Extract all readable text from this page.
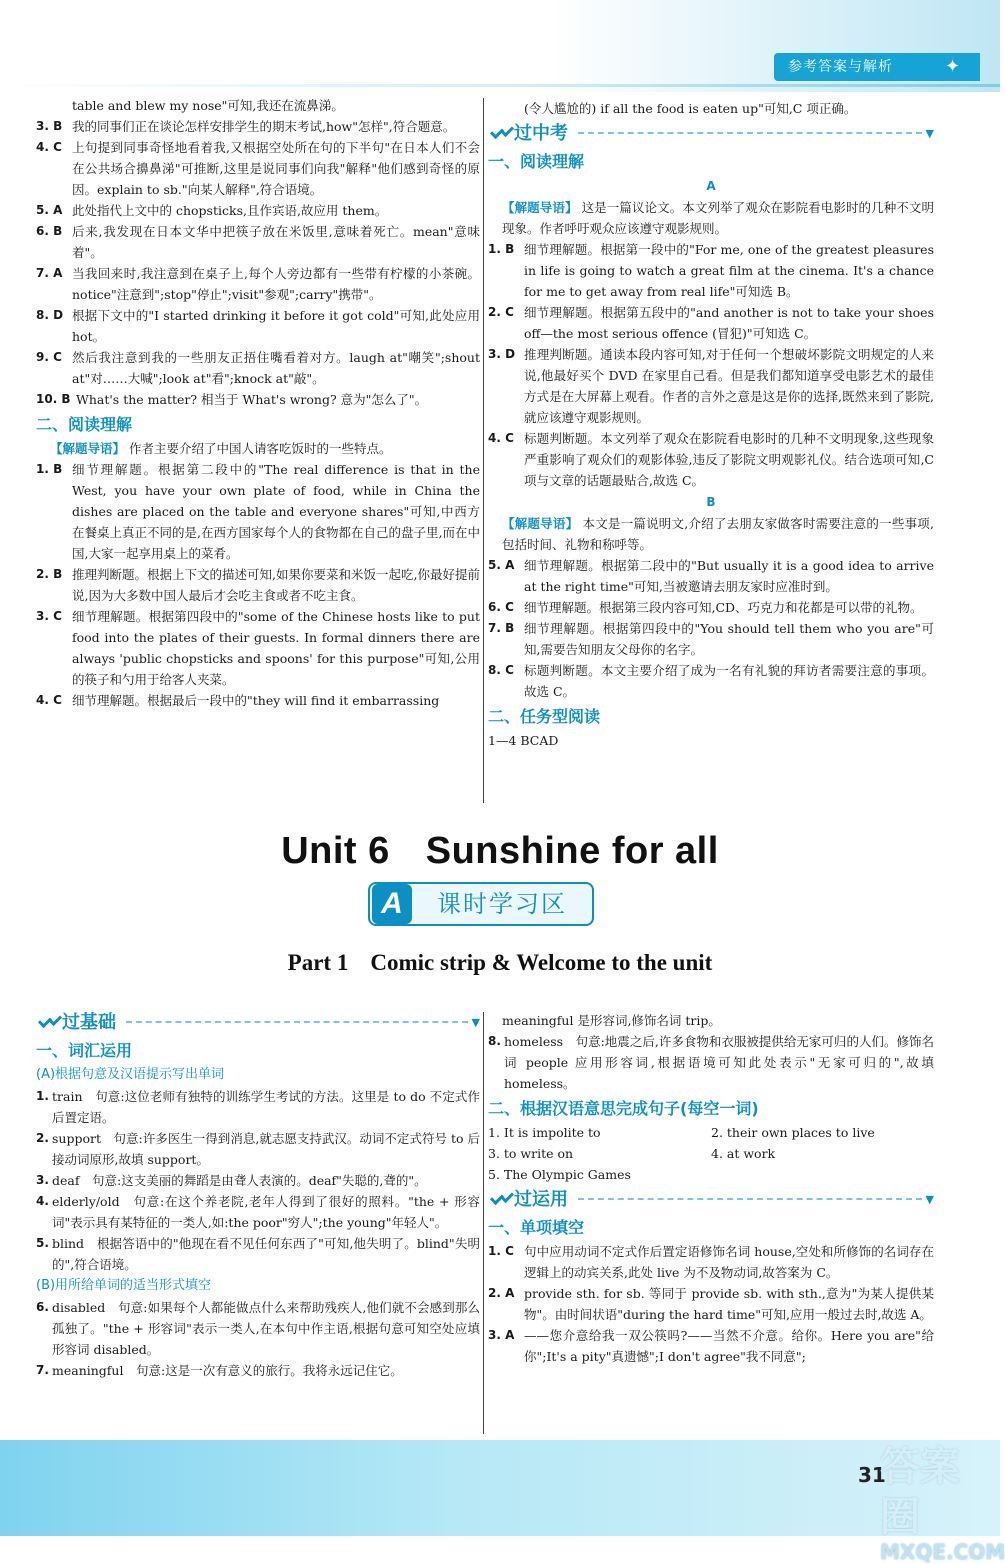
参考答案与解析	✦
table and blew my nose"可知,我还在流鼻涕。
3. B 我的同事们正在谈论怎样安排学生的期末考试,how"怎样",符合题意。
4. C 上句提到同事奇怪地看着我,又根据空处所在句的下半句"在日本人们不会在公共场合擤鼻涕"可推断,这里是说同事们向我"解释"他们感到奇怪的原因。explain to sb."向某人解释",符合语境。
5. A 此处指代上文中的 chopsticks,且作宾语,故应用 them。
6. B 后来,我发现在日本文华中把筷子放在米饭里,意味着死亡。mean"意味着"。
7. A 当我回来时,我注意到在桌子上,每个人旁边都有一些带有柠檬的小茶碗。notice"注意到";stop"停止";visit"参观";carry"携带"。
8. D 根据下文中的"I started drinking it before it got cold"可知,此处应用 hot。
9. C 然后我注意到我的一些朋友正捂住嘴看着对方。laugh at"嘲笑";shout at"对……大喊";look at"看";knock at"敲"。
10. B What's the matter? 相当于 What's wrong? 意为"怎么了"。
二、阅读理解
【解题导语】 作者主要介绍了中国人请客吃饭时的一些特点。
1. B 细节理解题。根据第二段中的"The real difference is that in the West, you have your own plate of food, while in China the dishes are placed on the table and everyone shares"可知,中西方在餐桌上真正不同的是,在西方国家每个人的食物都在自己的盘子里,而在中国,大家一起享用桌上的菜肴。
2. B 推理判断题。根据上下文的描述可知,如果你要菜和米饭一起吃,你最好提前说,因为大多数中国人最后才会吃主食或者不吃主食。
3. C 细节理解题。根据第四段中的"some of the Chinese hosts like to put food into the plates of their guests. In formal dinners there are always 'public chopsticks and spoons' for this purpose"可知,公用的筷子和勺用于给客人夹菜。
4. C 细节理解题。根据最后一段中的"they will find it embarrassing
(令人尴尬的) if all the food is eaten up"可知,C 项正确。
过中考	▼
一、阅读理解
A
【解题导语】 这是一篇议论文。本文列举了观众在影院看电影时的几种不文明现象。作者呼吁观众应该遵守观影规则。
1. B 细节理解题。根据第一段中的"For me, one of the greatest pleasures in life is going to watch a great film at the cinema. It's a chance for me to get away from real life"可知选 B。
2. C 细节理解题。根据第五段中的"and another is not to take your shoes off—the most serious offence (冒犯)"可知选 C。
3. D 推理判断题。通读本段内容可知,对于任何一个想破坏影院文明规定的人来说,他最好买个 DVD 在家里自己看。但是我们都知道享受电影艺术的最佳方式是在大屏幕上观看。作者的言外之意是这是你的选择,既然来到了影院,就应该遵守观影规则。
4. C 标题判断题。本文列举了观众在影院看电影时的几种不文明现象,这些现象严重影响了观众们的观影体验,违反了影院文明观影礼仪。结合选项可知,C 项与文章的话题最贴合,故选 C。
B
【解题导语】 本文是一篇说明文,介绍了去朋友家做客时需要注意的一些事项,包括时间、礼物和称呼等。
5. A 细节理解题。根据第二段中的"But usually it is a good idea to arrive at the right time"可知,当被邀请去朋友家时应准时到。
6. C 细节理解题。根据第三段内容可知,CD、巧克力和花都是可以带的礼物。
7. B 细节理解题。根据第四段中的"You should tell them who you are"可知,需要告知朋友父母你的名字。
8. C 标题判断题。本文主要介绍了成为一名有礼貌的拜访者需要注意的事项。故选 C。
二、任务型阅读
1—4 BCAD
Unit 6 Sunshine for all
A	课时学习区
Part 1 Comic strip & Welcome to the unit
过基础	▼
一、词汇运用
(A)根据句意及汉语提示写出单词
1. train　句意:这位老师有独特的训练学生考试的方法。这里是 to do 不定式作后置定语。
2. support　句意:许多医生一得到消息,就志愿支持武汉。动词不定式符号 to 后接动词原形,故填 support。
3. deaf　句意:这支美丽的舞蹈是由聋人表演的。deaf"失聪的,聋的"。
4. elderly/old　句意:在这个养老院,老年人得到了很好的照料。"the + 形容词"表示具有某特征的一类人,如:the poor"穷人";the young"年轻人"。
5. blind　根据答语中的"他现在看不见任何东西了"可知,他失明了。blind"失明的",符合语境。
(B)用所给单词的适当形式填空
6. disabled　句意:如果每个人都能做点什么来帮助残疾人,他们就不会感到那么孤独了。"the + 形容词"表示一类人,在本句中作主语,根据句意可知空处应填形容词 disabled。
7. meaningful　句意:这是一次有意义的旅行。我将永远记住它。
meaningful 是形容词,修饰名词 trip。
8. homeless　句意:地震之后,许多食物和衣服被提供给无家可归的人们。修饰名词 people 应用形容词,根据语境可知此处表示"无家可归的",故填 homeless。
二、根据汉语意思完成句子(每空一词)
1. It is impolite to	2. their own places to live
3. to write on	4. at work
5. The Olympic Games
过运用	▼
一、单项填空
1. C 句中应用动词不定式作后置定语修饰名词 house,空处和所修饰的名词存在逻辑上的动宾关系,此处 live 为不及物动词,故答案为 C。
2. A provide sth. for sb. 等同于 provide sb. with sth.,意为"为某人提供某物"。由时间状语"during the hard time"可知,应用一般过去时,故选 A。
3. A ——您介意给我一双公筷吗?——当然不介意。给你。Here you are"给你";It's a pity"真遗憾";I don't agree"我不同意";
31
答案圈
MXQE.COM
